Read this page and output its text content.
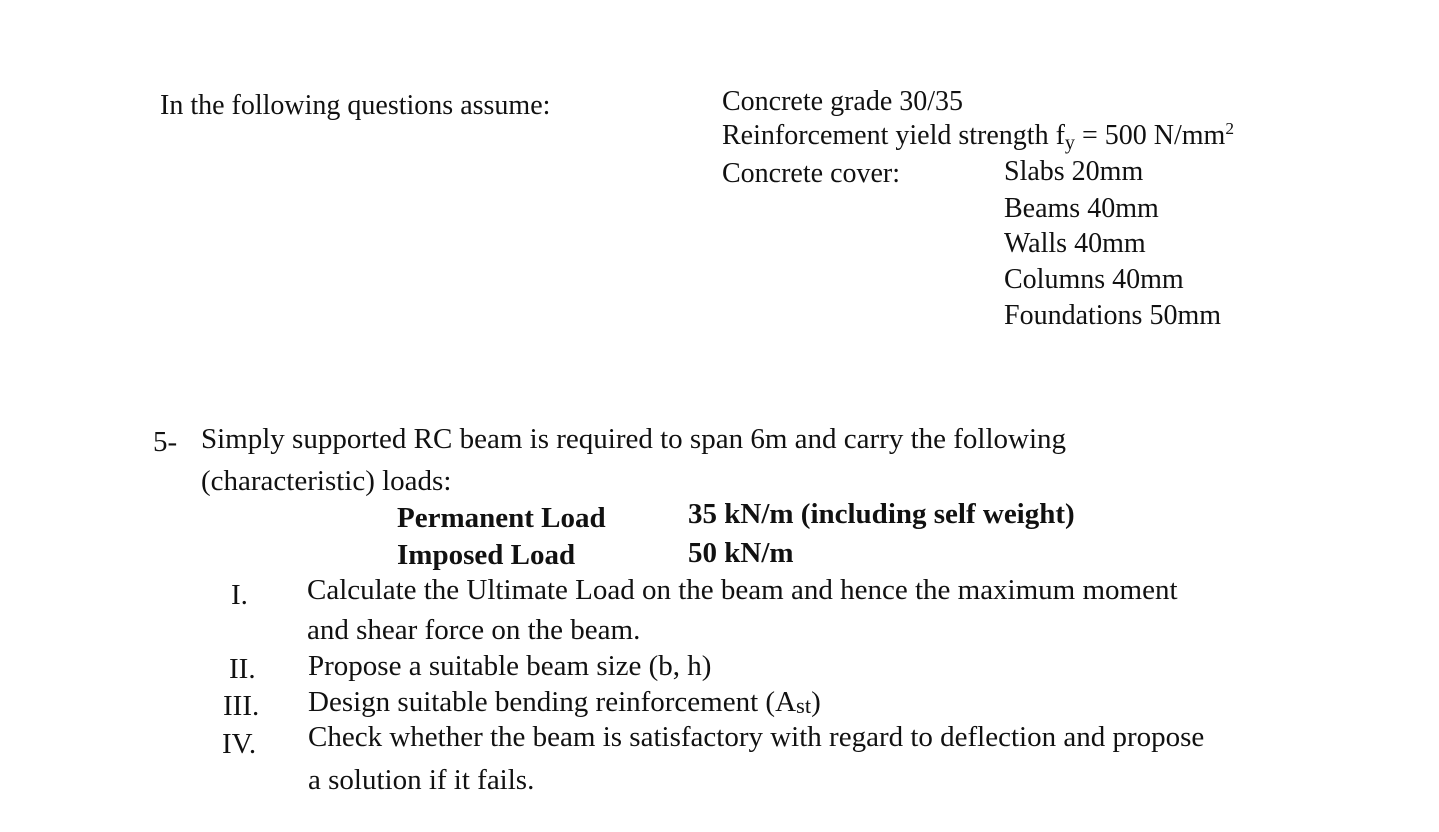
In the following questions assume:	Concrete grade 30/35
Reinforcement yield strength $f_y = 500$ $N/mm^2$
Concrete cover:	Slabs 20mm
Beams 40mm
Walls 40mm
Columns 40mm
Foundations 50mm
5- Simply supported RC beam is required to span 6m and carry the following
(characteristic) loads:
Permanent Load	35 kN/m (including self weight)
Imposed Load	50 kN/m
I. Calculate the Ultimate Load on the beam and hence the maximum moment
and shear force on the beam.
II. Propose a suitable beam size (b, h)
III. Design suitable bending reinforcement (Ast)
IV. Check whether the beam is satisfactory with regard to deflection and propose
a solution if it fails.
